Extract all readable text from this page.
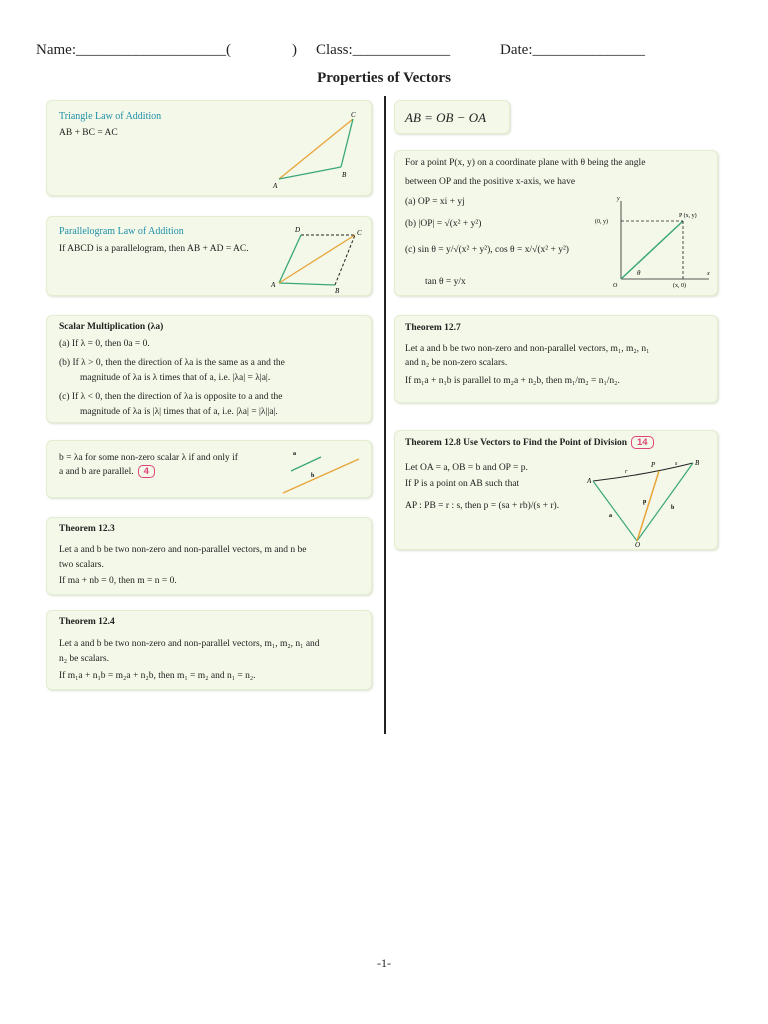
Name:____________________(	) Class:_____________	Date:_______________
Properties of Vectors
Triangle Law of Addition
AB + BC = AC
A
B
C
Parallelogram Law of Addition
If ABCD is a parallelogram, then AB + AD = AC.
A
B
C
D
Scalar Multiplication (λa)
(a) If λ = 0, then 0a = 0.
(b) If λ > 0, then the direction of λa is the same as a and the
magnitude of λa is λ times that of a, i.e. |λa| = λ|a|.
(c) If λ < 0, then the direction of λa is opposite to a and the
magnitude of λa is |λ| times that of a, i.e. |λa| = |λ||a|.
b = λa for some non-zero scalar λ if and only if
a and b are parallel. 4
a
b
Theorem 12.3
Let a and b be two non-zero and non-parallel vectors, m and n be
two scalars.
If ma + nb = 0, then m = n = 0.
Theorem 12.4
Let a and b be two non-zero and non-parallel vectors, m₁, m₂, n₁ and
n₂ be scalars.
If m₁a + n₁b = m₂a + n₂b, then m₁ = m₂ and n₁ = n₂.
AB = OB − OA
For a point P(x, y) on a coordinate plane with θ being the angle
between OP and the positive x-axis, we have
(a) OP = xi + yj
(b) |OP| = √(x² + y²)
(c) sin θ = y/√(x² + y²), cos θ = x/√(x² + y²)
tan θ = y/x
y
x
O
P (x, y)
(0, y)
(x, 0)
θ
Theorem 12.7
Let a and b be two non-zero and non-parallel vectors, m₁, m₂, n₁
and n₂ be non-zero scalars.
If m₁a + n₁b is parallel to m₂a + n₂b, then m₁/m₂ = n₁/n₂.
Theorem 12.8 Use Vectors to Find the Point of Division 14
Let OA = a, OB = b and OP = p.
If P is a point on AB such that
AP : PB = r : s, then p = (sa + rb)/(s + r).
A
B
P
O
r
s
a
b
p
-1-
